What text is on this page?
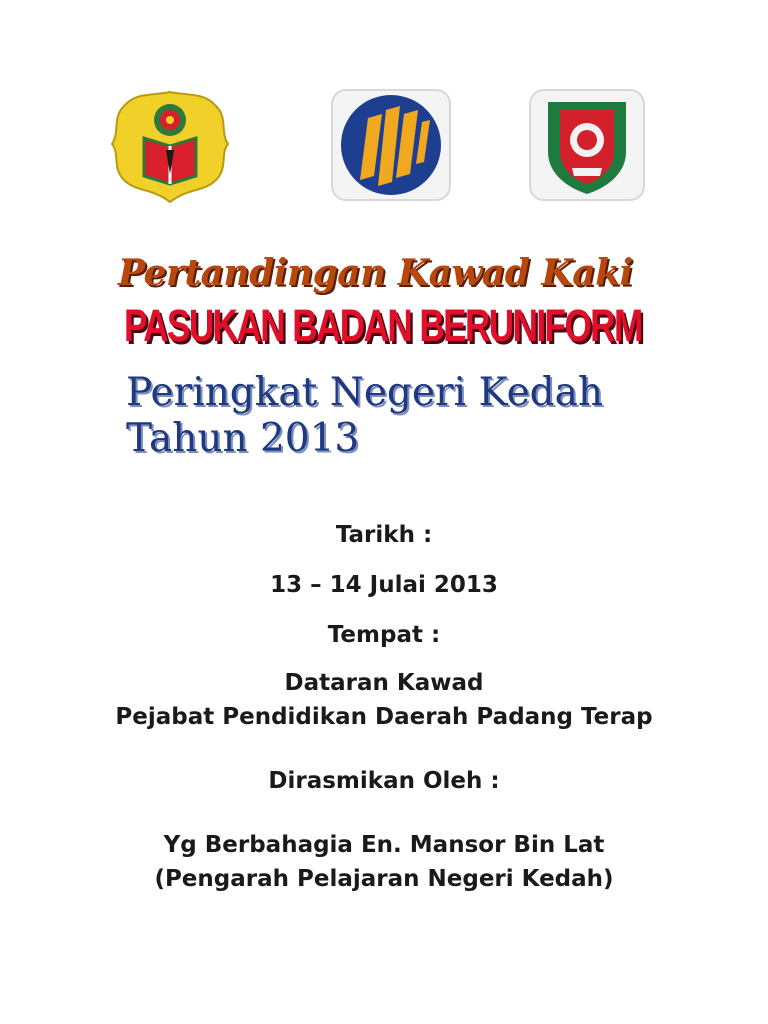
Pertandingan Kawad Kaki
PASUKAN BADAN BERUNIFORM
Peringkat Negeri Kedah
Tahun 2013
Tarikh :
13 – 14 Julai 2013
Tempat :
Dataran Kawad
Pejabat Pendidikan Daerah Padang Terap
Dirasmikan Oleh :
Yg Berbahagia En. Mansor Bin Lat
(Pengarah Pelajaran Negeri Kedah)
